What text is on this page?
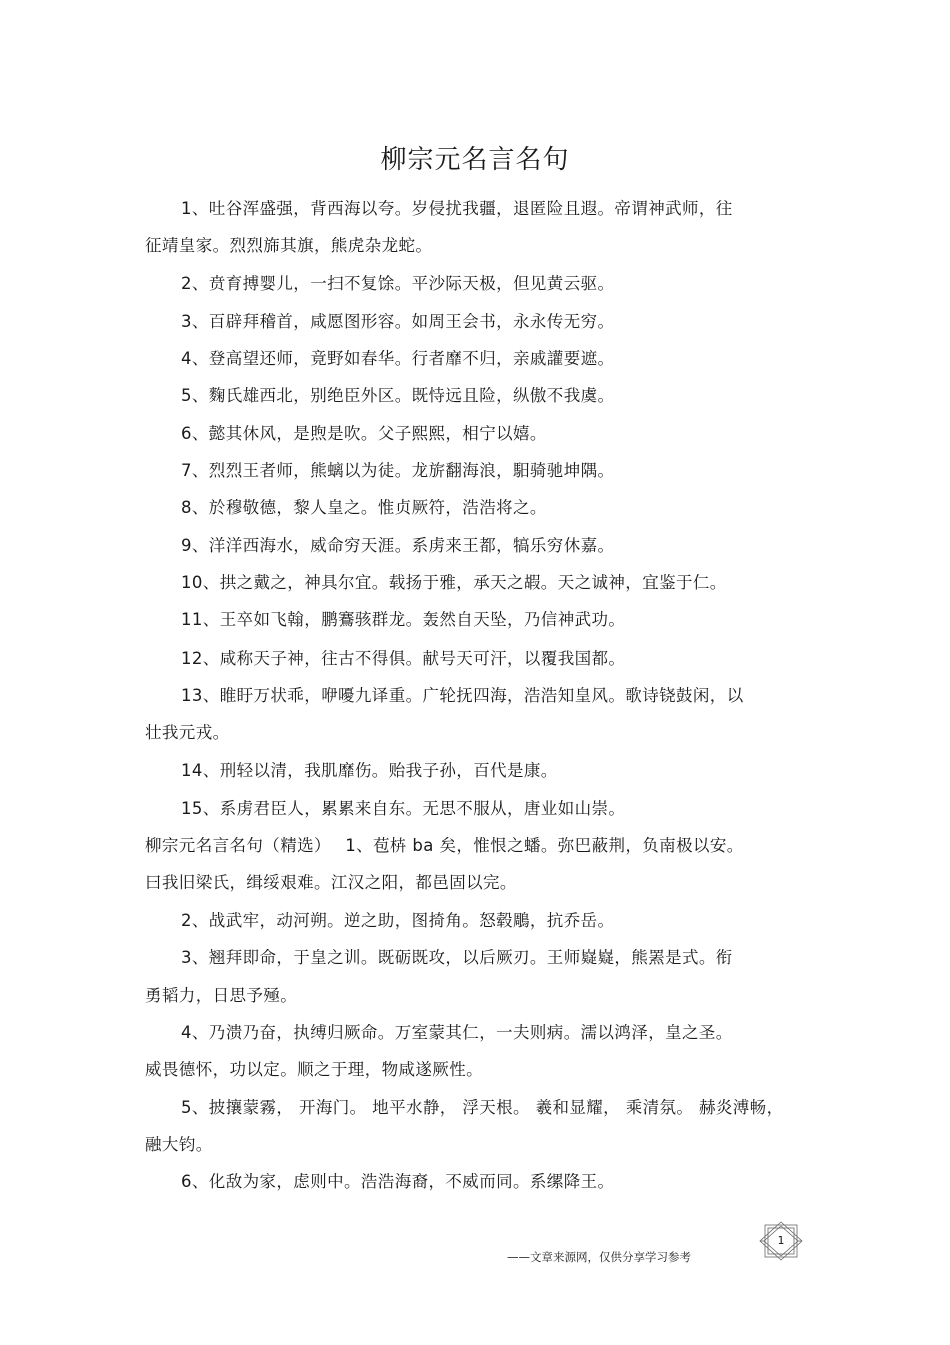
柳宗元名言名句
1、吐谷浑盛强，背西海以夸。岁侵扰我疆，退匿险且遐。帝谓神武师，往
征靖皇家。烈烈旆其旗，熊虎杂龙蛇。
2、贲育搏婴儿，一扫不复馀。平沙际天极，但见黄云驱。
3、百辟拜稽首，咸愿图形容。如周王会书，永永传无穷。
4、登高望还师，竟野如春华。行者靡不归，亲戚讙要遮。
5、麴氏雄西北，别绝臣外区。既恃远且险，纵傲不我虞。
6、懿其休风，是煦是吹。父子熙熙，相宁以嬉。
7、烈烈王者师，熊螭以为徒。龙旂翻海浪，馹骑驰坤隅。
8、於穆敬德，黎人皇之。惟贞厥符，浩浩将之。
9、洋洋西海水，威命穷天涯。系虏来王都，犒乐穷休嘉。
10、拱之戴之，神具尔宜。载扬于雅，承天之嘏。天之诚神，宜鉴于仁。
11、王卒如飞翰，鹏鶱骇群龙。轰然自天坠，乃信神武功。
12、咸称天子神，往古不得俱。献号天可汗，以覆我国都。
13、睢盱万状乖，咿嚘九译重。广轮抚四海，浩浩知皇风。歌诗铙鼓闲，以
壮我元戎。
14、刑轻以清，我肌靡伤。贻我子孙，百代是康。
15、系虏君臣人，累累来自东。无思不服从，唐业如山崇。
柳宗元名言名句（精选）　 1、苞枿 ba 矣，惟恨之蟠。弥巴蔽荆，负南极以安。
曰我旧梁氏，缉绥艰难。江汉之阳，都邑固以完。
2、战武牢，动河朔。逆之助，图掎角。怒毂鵰，抗乔岳。
3、翘拜即命，于皇之训。既砺既攻，以后厥刃。王师嶷嶷，熊罴是式。衔
勇韬力，日思予殛。
4、乃溃乃奋，执缚归厥命。万室蒙其仁，一夫则病。濡以鸿泽，皇之圣。
威畏德怀，功以定。顺之于理，物咸遂厥性。
5、披攘蒙霧， 开海门。 地平水静， 浮天根。 羲和显耀， 乘清氛。 赫炎溥畅，
融大钧。
6、化敌为家，虑则中。浩浩海裔，不威而同。系缧降王。
——文章来源网，仅供分享学习参考
1
